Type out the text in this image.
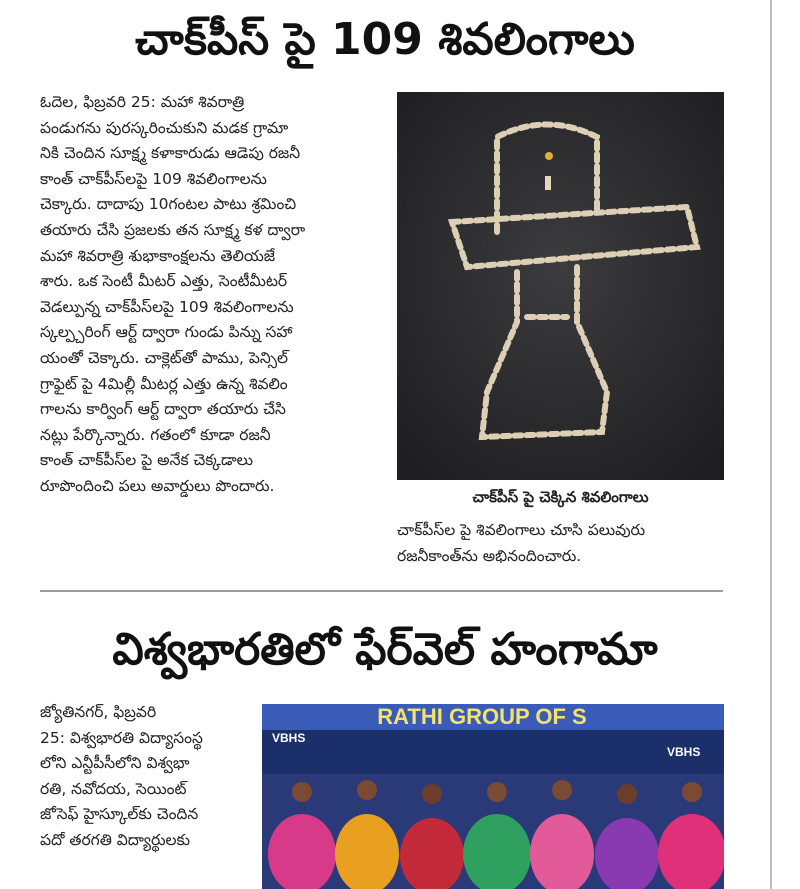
చాక్‌పీస్ పై 109 శివలింగాలు

ఓదెల, ఫిబ్రవరి 25: మహా శివరాత్రి

పండుగను పురస్కరించుకుని మడక గ్రామా

నికి చెందిన సూక్ష్మ కళాకారుడు ఆడెపు రజనీ

కాంత్ చాక్‌పీస్‌లపై 109 శివలింగాలను

చెక్కారు. దాదాపు 10గంటల పాటు శ్రమించి

తయారు చేసి ప్రజలకు తన సూక్ష్మ కళ ద్వారా

మహా శివరాత్రి శుభాకాంక్షలను తెలియజే

శారు. ఒక సెంటీ మీటర్ ఎత్తు, సెంటీమీటర్

వెడల్పున్న చాక్‌పీస్‌లపై 109 శివలింగాలను

స్కల్ప్చరింగ్ ఆర్ట్ ద్వారా గుండు పిన్ను సహా

యంతో చెక్కారు. చాక్లెట్‌తో పాము, పెన్సిల్

గ్రాఫైట్ పై 4మిల్లీ మీటర్ల ఎత్తు ఉన్న శివలిం

గాలను కార్వింగ్ ఆర్ట్ ద్వారా తయారు చేసి

నట్లు పేర్కొన్నారు. గతంలో కూడా రజనీ

కాంత్ చాక్‌పీస్‌ల పై అనేక చెక్కడాలు

రూపొందించి పలు అవార్డులు పొందారు.

చాక్‌పీస్ పై చెక్కిన శివలింగాలు

చాక్‌పీస్‌ల పై శివలింగాలు చూసి పలువురు

రజనీకాంత్‌ను అభినందించారు.

విశ్వభారతిలో ఫేర్‌వెల్ హంగామా

జ్యోతినగర్, ఫిబ్రవరి

25: విశ్వభారతి విద్యాసంస్థ

లోని ఎన్టీపీసీలోని విశ్వభా

రతి, నవోదయ, సెయింట్

జోసెఫ్ హైస్కూల్‌కు చెందిన

పదో తరగతి విద్యార్థులకు

RATHI GROUP OF S
VBHS
VBHS
